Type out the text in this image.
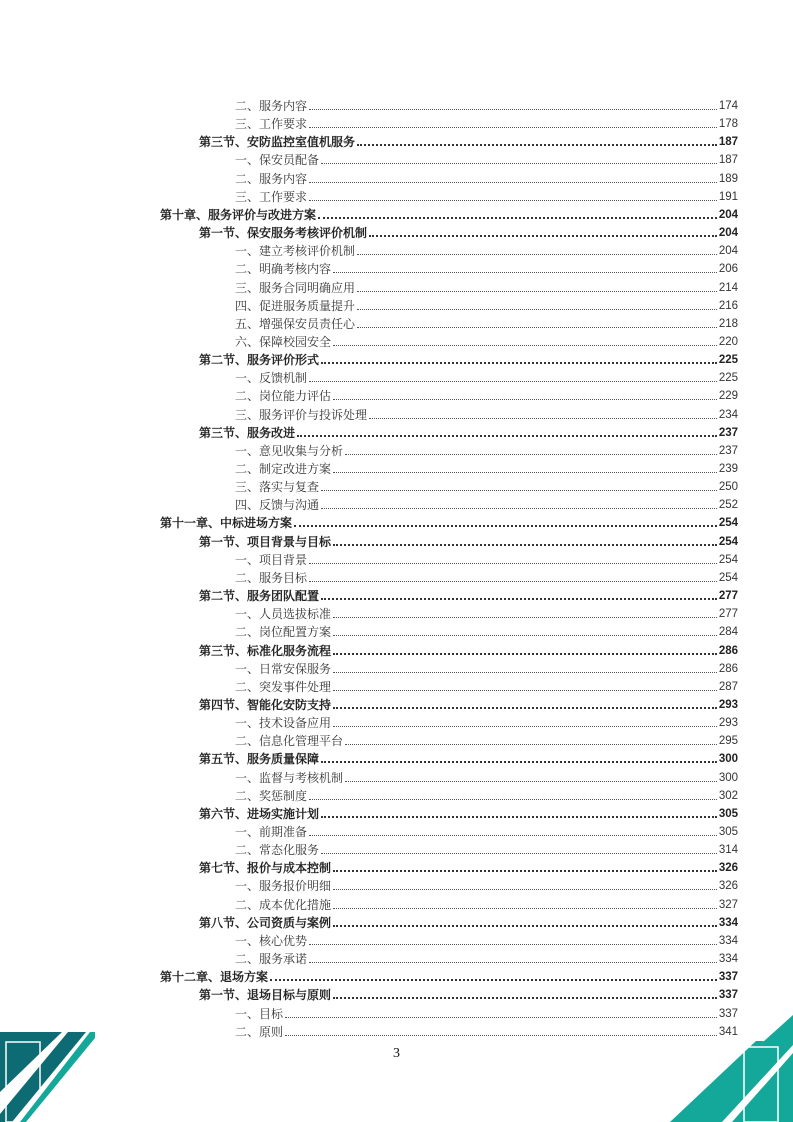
二、服务内容	174
三、工作要求	178
第三节、安防监控室值机服务	187
一、保安员配备	187
二、服务内容	189
三、工作要求	191
第十章、服务评价与改进方案	204
第一节、保安服务考核评价机制	204
一、建立考核评价机制	204
二、明确考核内容	206
三、服务合同明确应用	214
四、促进服务质量提升	216
五、增强保安员责任心	218
六、保障校园安全	220
第二节、服务评价形式	225
一、反馈机制	225
二、岗位能力评估	229
三、服务评价与投诉处理	234
第三节、服务改进	237
一、意见收集与分析	237
二、制定改进方案	239
三、落实与复查	250
四、反馈与沟通	252
第十一章、中标进场方案	254
第一节、项目背景与目标	254
一、项目背景	254
二、服务目标	254
第二节、服务团队配置	277
一、人员选拔标准	277
二、岗位配置方案	284
第三节、标准化服务流程	286
一、日常安保服务	286
二、突发事件处理	287
第四节、智能化安防支持	293
一、技术设备应用	293
二、信息化管理平台	295
第五节、服务质量保障	300
一、监督与考核机制	300
二、奖惩制度	302
第六节、进场实施计划	305
一、前期准备	305
二、常态化服务	314
第七节、报价与成本控制	326
一、服务报价明细	326
二、成本优化措施	327
第八节、公司资质与案例	334
一、核心优势	334
二、服务承诺	334
第十二章、退场方案	337
第一节、退场目标与原则	337
一、目标	337
二、原则	341
3
